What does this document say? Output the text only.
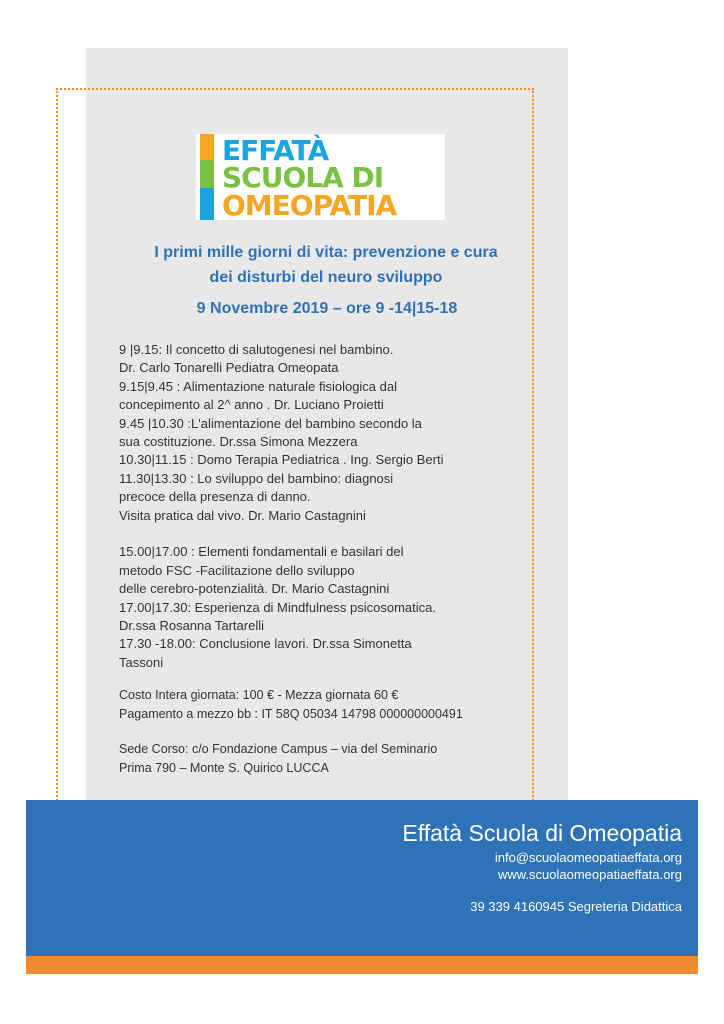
EFFATÀ
SCUOLA DI
OMEOPATIA
I primi mille giorni di vita: prevenzione e cura
dei disturbi del neuro sviluppo
9 Novembre 2019 – ore 9 -14|15-18
9 |9.15: Il concetto di salutogenesi nel bambino.
Dr. Carlo Tonarelli Pediatra Omeopata
9.15|9.45 : Alimentazione naturale fisiologica dal
concepimento al 2^ anno . Dr. Luciano Proietti
9.45 |10.30 :L'alimentazione del bambino secondo la
sua costituzione. Dr.ssa Simona Mezzera
10.30|11.15 : Domo Terapia Pediatrica . Ing. Sergio Berti
11.30|13.30 : Lo sviluppo del bambino: diagnosi
precoce della presenza di danno.
Visita pratica dal vivo. Dr. Mario Castagnini
15.00|17.00 : Elementi fondamentali e basilari del
metodo FSC -Facilitazione dello sviluppo
delle cerebro-potenzialità. Dr. Mario Castagnini
17.00|17.30: Esperienza di Mindfulness psicosomatica.
Dr.ssa Rosanna Tartarelli
17.30 -18.00: Conclusione lavori. Dr.ssa Simonetta
Tassoni
Costo Intera giornata: 100 € - Mezza giornata 60 €
Pagamento a mezzo bb : IT 58Q 05034 14798 000000000491
Sede Corso: c/o Fondazione Campus – via del Seminario
Prima 790 – Monte S. Quirico LUCCA
Effatà Scuola di Omeopatia
info@scuolaomeopatiaeffata.org
www.scuolaomeopatiaeffata.org
39 339 4160945 Segreteria Didattica
